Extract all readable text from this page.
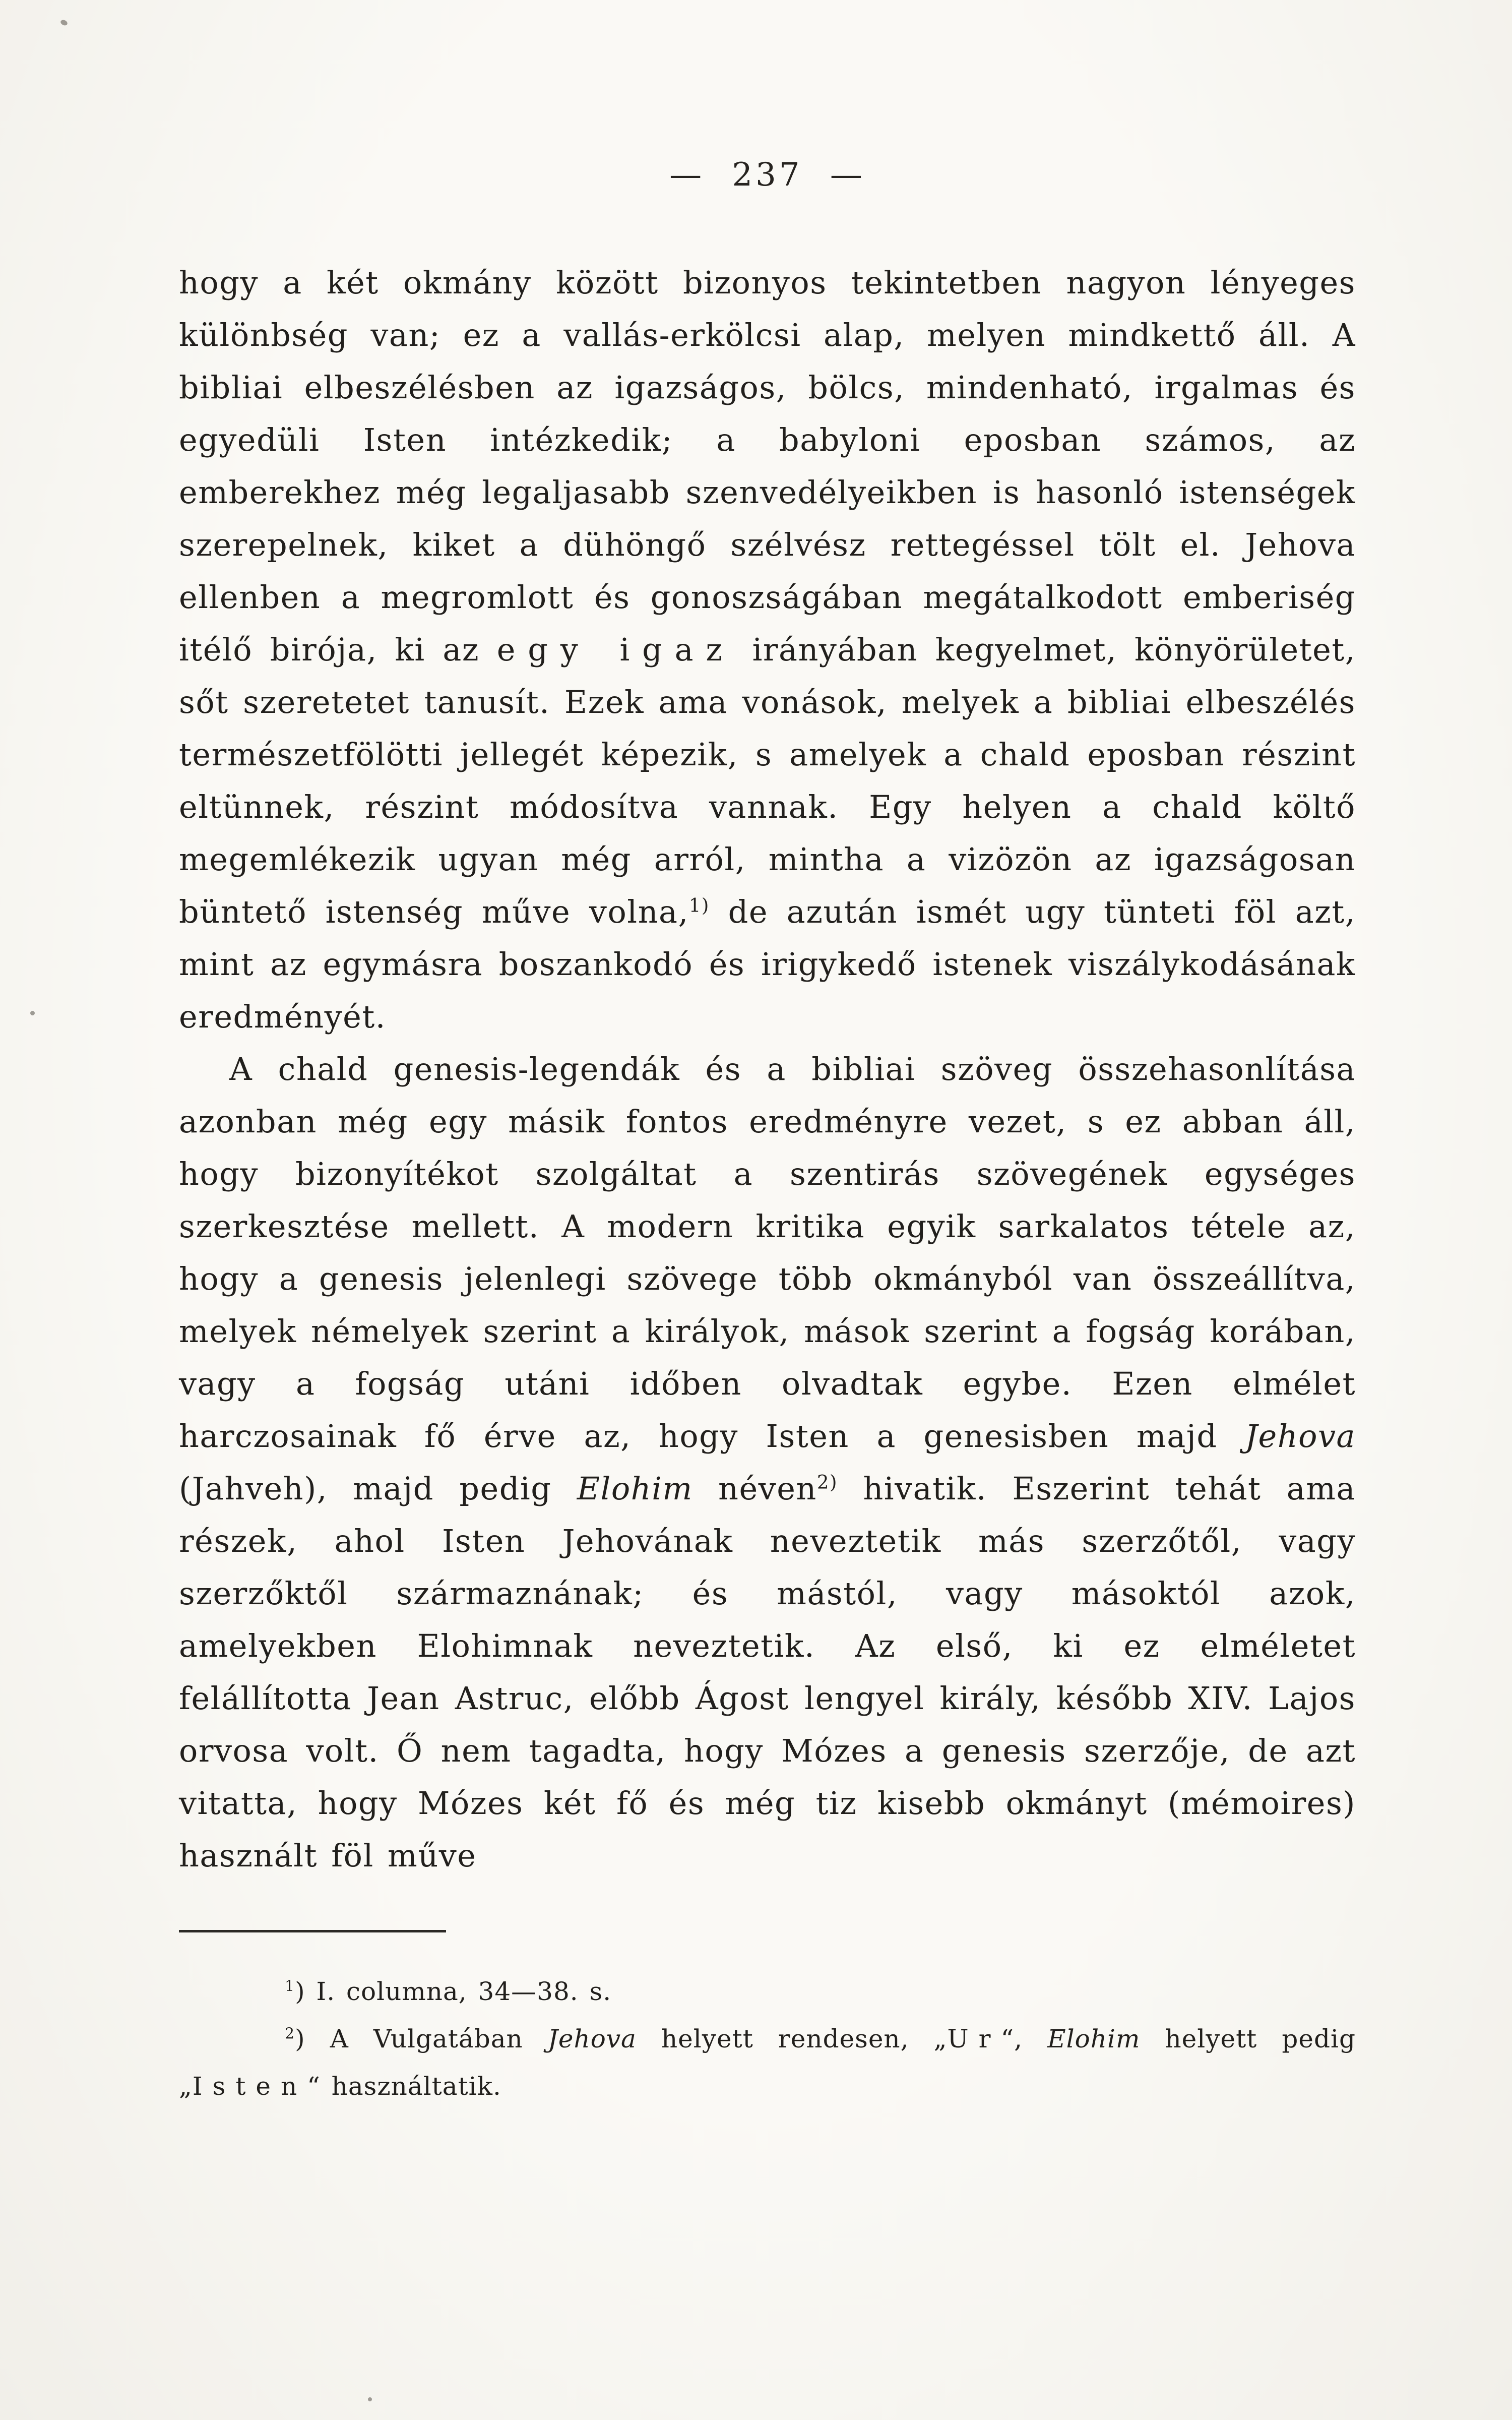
— 237 —

hogy a két okmány között bizonyos tekintetben nagyon lényeges különbség van; ez a vallás-erkölcsi alap, melyen mindkettő áll. A bibliai elbeszélésben az igazságos, bölcs, mindenható, irgalmas és egyedüli Isten intézkedik; a babyloni eposban számos, az emberekhez még legaljasabb szenvedélyeikben is hasonló istenségek szerepelnek, kiket a dühöngő szélvész rettegéssel tölt el. Jehova ellenben a megromlott és gonoszságában megátalkodott emberiség itélő birója, ki az egy igaz irányában kegyelmet, könyörületet, sőt szeretetet tanusít. Ezek ama vonások, melyek a bibliai elbeszélés természetfölötti jellegét képezik, s amelyek a chald eposban részint eltünnek, részint módosítva vannak. Egy helyen a chald költő megemlékezik ugyan még arról, mintha a vizözön az igazságosan büntető istenség műve volna,$^{1)}$ de azután ismét ugy tünteti föl azt, mint az egymásra boszankodó és irigykedő istenek viszálykodásának eredményét.

A chald genesis-legendák és a bibliai szöveg összehasonlítása azonban még egy másik fontos eredményre vezet, s ez abban áll, hogy bizonyítékot szolgáltat a szentirás szövegének egységes szerkesztése mellett. A modern kritika egyik sarkalatos tétele az, hogy a genesis jelenlegi szövege több okmányból van összeállítva, melyek némelyek szerint a királyok, mások szerint a fogság korában, vagy a fogság utáni időben olvadtak egybe. Ezen elmélet harczosainak fő érve az, hogy Isten a genesisben majd Jehova (Jahveh), majd pedig Elohim néven$^{2)}$ hivatik. Eszerint tehát ama részek, ahol Isten Jehovának neveztetik más szerzőtől, vagy szerzőktől származnának; és mástól, vagy másoktól azok, amelyekben Elohimnak neveztetik. Az első, ki ez elméletet felállította Jean Astruc, előbb Ágost lengyel király, később XIV. Lajos orvosa volt. Ő nem tagadta, hogy Mózes a genesis szerzője, de azt vitatta, hogy Mózes két fő és még tiz kisebb okmányt (mémoires) használt föl műve

$^1$) I. columna, 34—38. s.

$^2$) A Vulgatában Jehova helyett rendesen, „Ur“, Elohim helyett pedig „Isten“ használtatik.
